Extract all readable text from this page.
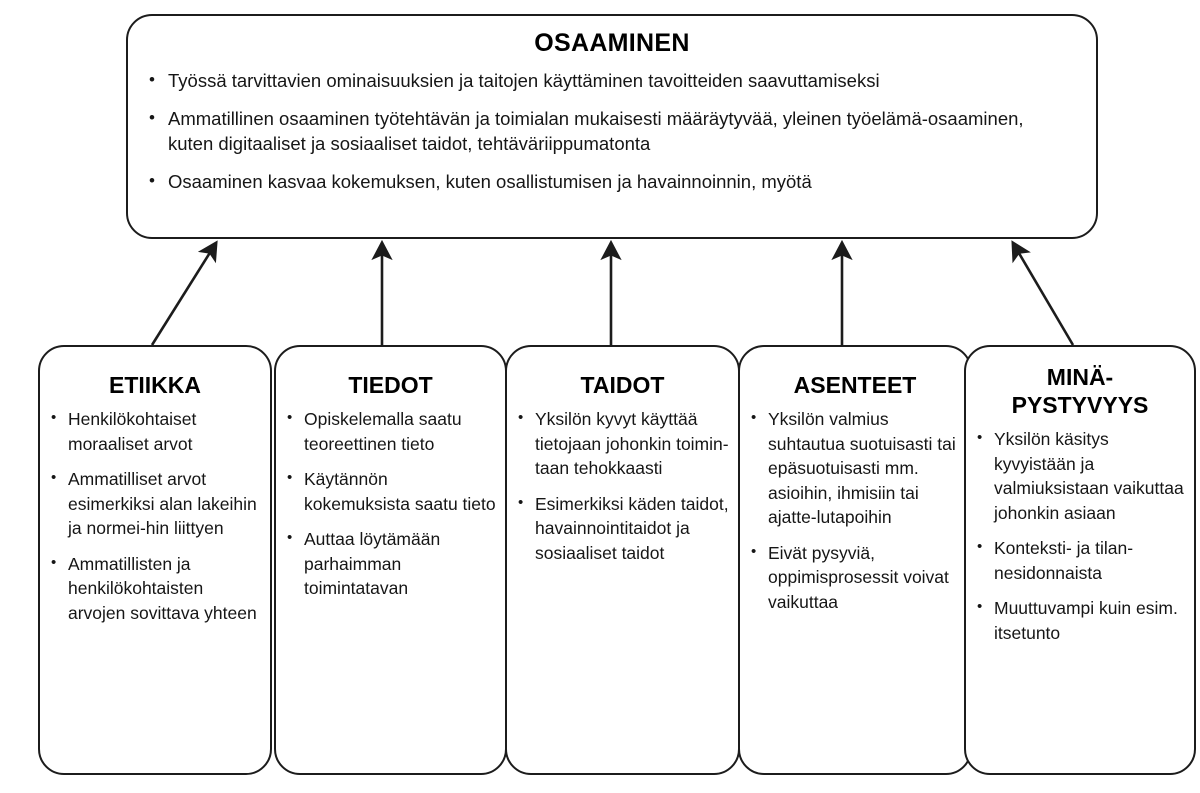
OSAAMINEN
• Työssä tarvittavien ominaisuuksien ja taitojen käyttäminen tavoitteiden saavuttamiseksi
• Ammatillinen osaaminen työtehtävän ja toimialan mukaisesti määräytyvää, yleinen työelämä-osaaminen, kuten digitaaliset ja sosiaaliset taidot, tehtäväriippumatonta
• Osaaminen kasvaa kokemuksen, kuten osallistumisen ja havainnoinnin, myötä
ETIIKKA
• Henkilökohtaiset moraaliset arvot
• Ammatilliset arvot esimerkiksi alan lakeihin ja normei-hin liittyen
• Ammatillisten ja henkilökohtaisten arvojen sovittava yhteen
TIEDOT
• Opiskelemalla saatu teoreettinen tieto
• Käytännön kokemuksista saatu tieto
• Auttaa löytämään parhaimman toimintatavan
TAIDOT
• Yksilön kyvyt käyttää tietojaan johonkin toimin-taan tehokkaasti
• Esimerkiksi käden taidot, havainnointitaidot ja sosiaaliset taidot
ASENTEET
• Yksilön valmius suhtautua suotuisasti tai epäsuotuisasti mm. asioihin, ihmisiin tai ajatte-lutapoihin
• Eivät pysyviä, oppimisprosessit voivat vaikuttaa
MINÄ-
PYSTYVYYS
• Yksilön käsitys kyvyistään ja valmiuksistaan vaikuttaa johonkin asiaan
• Konteksti- ja tilan-nesidonnaista
• Muuttuvampi kuin esim. itsetunto
